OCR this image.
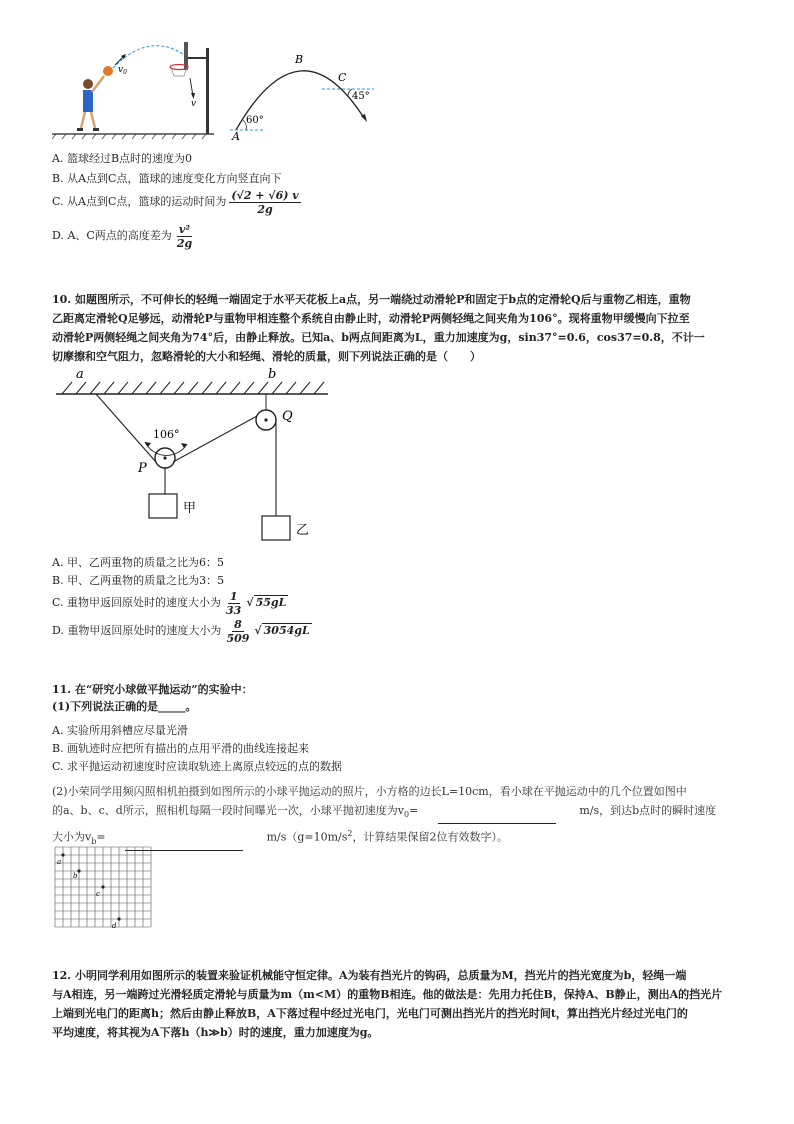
$v_0$
v
A
B
C
60°
45°
A. 篮球经过B点时的速度为0
B. 从A点到C点，篮球的速度变化方向竖直向下
C.
从A点到C点，篮球的运动时间为 $\frac{(√2 + √6) v}{2g}$
D.
A、C两点的高度差为 $\frac{\text{v²}}{2g}$
10. 如题图所示，不可伸长的轻绳一端固定于水平天花板上a点，另一端绕过动滑轮P和固定于b点的定滑轮Q后与重物乙相连，重物
乙距离定滑轮Q足够远，动滑轮P与重物甲相连整个系统自由静止时，动滑轮P两侧轻绳之间夹角为106°。现将重物甲缓慢向下拉至
动滑轮P两侧轻绳之间夹角为74°后，由静止释放。已知a、b两点间距离为L，重力加速度为g，sin37°=0.6，cos37=0.8，不计一
切摩擦和空气阻力，忽略滑轮的大小和轻绳、滑轮的质量，则下列说法正确的是（　　）
a	b
Q
P
106°
甲
乙
A. 甲、乙两重物的质量之比为6：5
B. 甲、乙两重物的质量之比为3：5
C.
重物甲返回原处时的速度大小为 $\frac{1}{33}$ √ 55gL
D.
重物甲返回原处时的速度大小为 $\frac{8}{509}$ √ 3054gL
11. 在“研究小球做平抛运动”的实验中：
(1)下列说法正确的是_____。
A. 实验所用斜槽应尽量光滑
B. 画轨迹时应把所有描出的点用平滑的曲线连接起来
C. 求平抛运动初速度时应读取轨迹上离原点较远的点的数据
(2)小荣同学用频闪照相机拍摄到如图所示的小球平抛运动的照片，小方格的边长L=10cm，看小球在平抛运动中的几个位置如图中
的a、b、c、d所示，照相机每隔一段时间曝光一次，小球平抛初速度为$v_0=$	m/s，到达b点时的瞬时速度
大小为$v_b=$	$m/s(g=10m/s^2$，计算结果保留2位有效数字）。
a
b
c
d
12. 小明同学利用如图所示的装置来验证机械能守恒定律。A为装有挡光片的钩码，总质量为M，挡光片的挡光宽度为b，轻绳一端
与A相连，另一端跨过光滑轻质定滑轮与质量为m（m<M）的重物B相连。他的做法是：先用力托住B，保持A、B静止，测出A的挡光片
上端到光电门的距离h；然后由静止释放B，A下落过程中经过光电门，光电门可测出挡光片的挡光时间t，算出挡光片经过光电门的
平均速度，将其视为A下落h（h≫b）时的速度，重力加速度为g。
